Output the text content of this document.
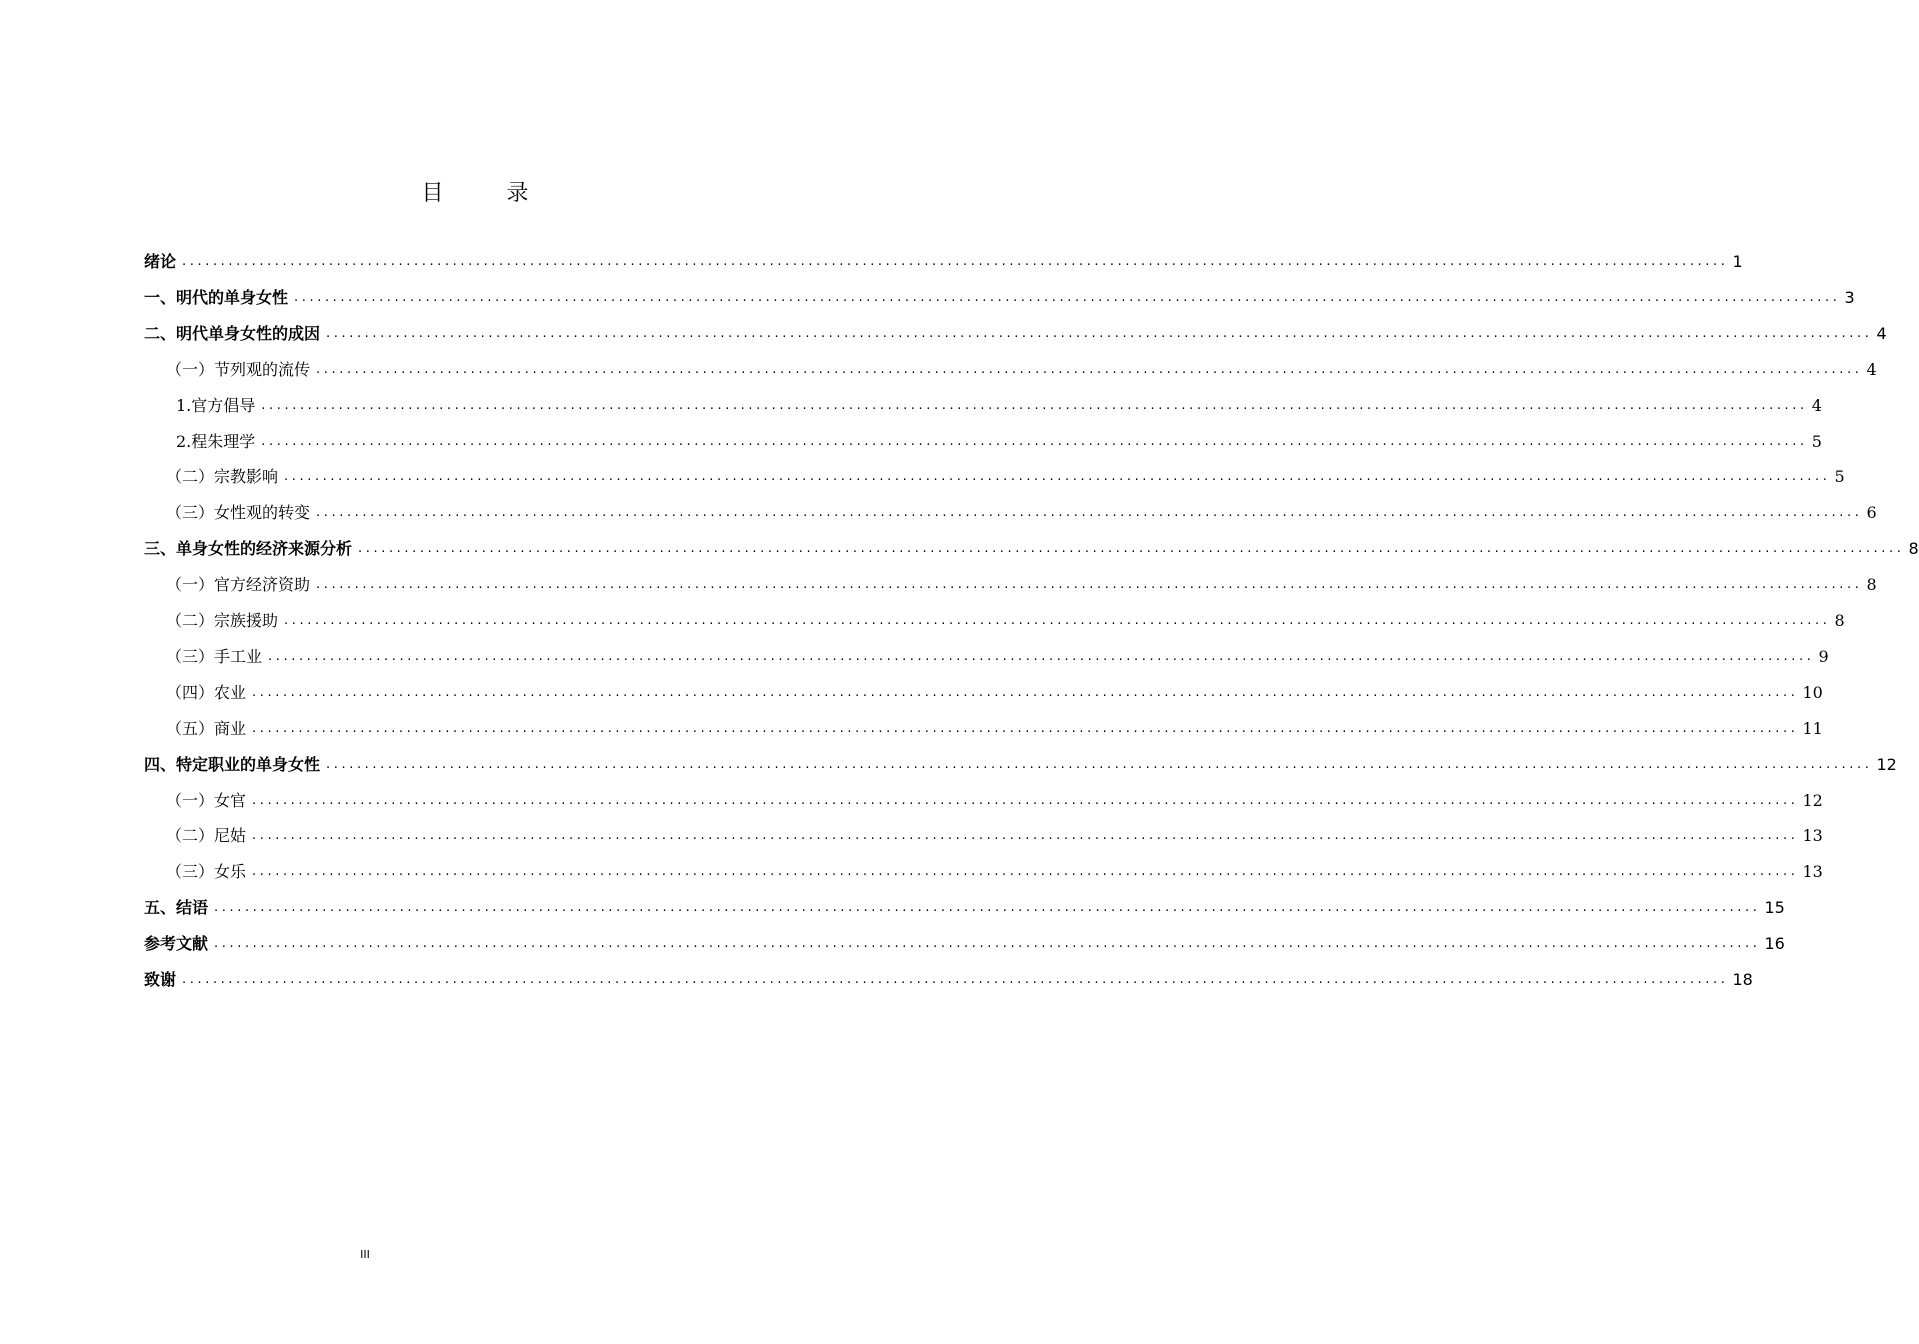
目 录
绪论 ........................................................................................................................................................................................................ 1
一、明代的单身女性 ........................................................................................................................................................................................................ 3
二、明代单身女性的成因 ........................................................................................................................................................................................................ 4
（一）节列观的流传 ........................................................................................................................................................................................................ 4
1.官方倡导 ........................................................................................................................................................................................................ 4
2.程朱理学 ........................................................................................................................................................................................................ 5
（二）宗教影响 ........................................................................................................................................................................................................ 5
（三）女性观的转变 ........................................................................................................................................................................................................ 6
三、单身女性的经济来源分析 ........................................................................................................................................................................................................ 8
（一）官方经济资助 ........................................................................................................................................................................................................ 8
（二）宗族援助 ........................................................................................................................................................................................................ 8
（三）手工业 ........................................................................................................................................................................................................ 9
（四）农业 ........................................................................................................................................................................................................ 10
（五）商业 ........................................................................................................................................................................................................ 11
四、特定职业的单身女性 ........................................................................................................................................................................................................ 12
（一）女官 ........................................................................................................................................................................................................ 12
（二）尼姑 ........................................................................................................................................................................................................ 13
（三）女乐 ........................................................................................................................................................................................................ 13
五、结语 ........................................................................................................................................................................................................ 15
参考文献 ........................................................................................................................................................................................................ 16
致谢 ........................................................................................................................................................................................................ 18
III
